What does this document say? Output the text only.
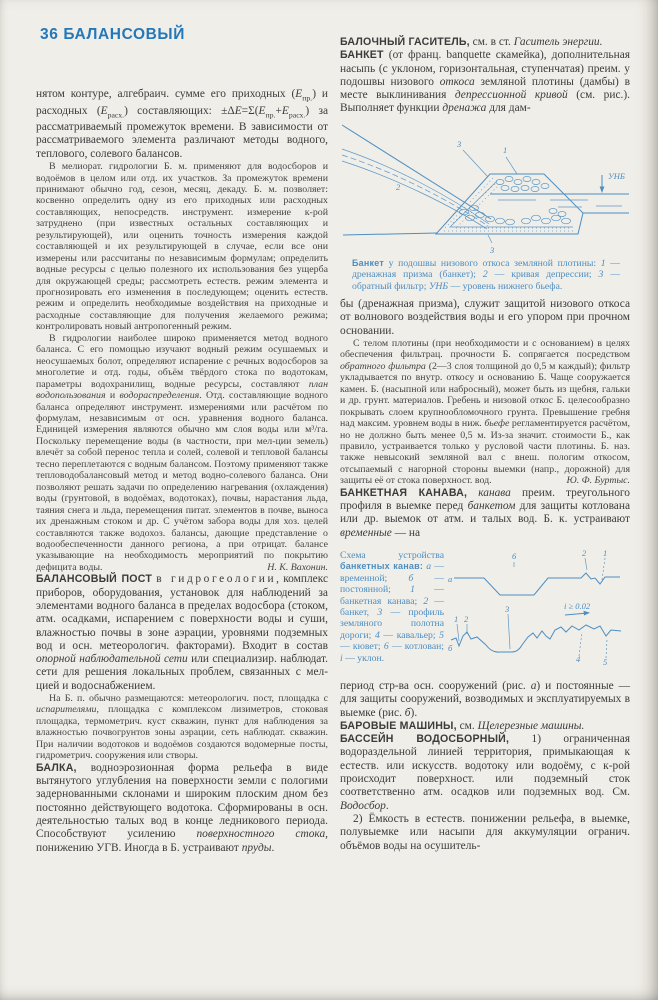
36 БАЛАНСОВЫЙ

нятом контуре, алгебраич. сумме его приходных $(Е_{пр.})$ и расходных $(Е_{расх.})$ составляющих: $\pm\Delta Е=\Sigma(Е_{пр.}+Е_{расх.})$ за рассматриваемый промежуток времени. В зависимости от рассматриваемого элемента различают методы водного, теплового, солевого балансов.

В мелиорат. гидрологии Б. м. применяют для водосборов и водоёмов в целом или отд. их участков. За промежуток времени принимают обычно год, сезон, месяц, декаду. Б. м. позволяет: косвенно определить одну из его приходных или расходных составляющих, непосредств. инструмент. измерение к-рой затруднено (при известных остальных составляющих и результирующей), или оценить точность измерения каждой составляющей и их результирующей в случае, если все они измерены или рассчитаны по независимым формулам; определить водные ресурсы с целью полезного их использования без ущерба для окружающей среды; рассмотреть естеств. режим элемента и прогнозировать его изменения в последующем; оценить естеств. режим и определить необходимые воздействия на приходные и расходные составляющие для получения желаемого режима; контролировать новый антропогенный режим.

В гидрологии наиболее широко применяется метод водного баланса. С его помощью изучают водный режим осушаемых и неосушаемых болот, определяют испарение с речных водосборов за многолетие и отд. годы, объём твёрдого стока по водотокам, параметры водохранилищ, водные ресурсы, составляют план водопользования и водораспределения. Отд. составляющие водного баланса определяют инструмент. измерениями или расчётом по формулам, независимым от осн. уравнения водного баланса. Единицей измерения являются обычно мм слоя воды или м³/га. Поскольку перемещение воды (в частности, при мел-ции земель) влечёт за собой перенос тепла и солей, солевой и тепловой балансы тесно переплетаются с водным балансом. Поэтому применяют также тепловодобалансовый метод и метод водно-солевого баланса. Они позволяют решать задачи по определению нагревания (охлаждения) воды (грунтовой, в водоёмах, водотоках), почвы, нарастания льда, таяния снега и льда, перемещения питат. элементов в почве, выноса их дренажным стоком и др. С учётом забора воды для хоз. целей составляются также водохоз. балансы, дающие представление о водообеспеченности данного региона, а при отрицат. балансе указывающие на необходимость мероприятий по покрытию дефицита воды.	Н. К. Вахонин.

БАЛАНСОВЫЙ ПОСТ в гидрогеологии, комплекс приборов, оборудования, установок для наблюдений за элементами водного баланса в пределах водосбора (стоком, атм. осадками, испарением с поверхности воды и суши, влажностью почвы в зоне аэрации, уровнями подземных вод и осн. метеорологич. факторами). Входит в состав опорной наблюдательной сети или специализир. наблюдат. сети для решения локальных проблем, связанных с мел-цией и водоснабжением.

На Б. п. обычно размещаются: метеорологич. пост, площадка с испарителями, площадка с комплексом лизиметров, стоковая площадка, термометрич. куст скважин, пункт для наблюдения за влажностью почвогрунтов зоны аэрации, сеть наблюдат. скважин. При наличии водотоков и водоёмов создаются водомерные посты, гидрометрич. сооружения или створы.

БАЛКА, водноэрозионная форма рельефа в виде вытянутого углубления на поверхности земли с пологими задернованными склонами и широким плоским дном без постоянно действующего водотока. Сформированы в осн. деятельностью талых вод в конце ледникового периода. Способствуют усилению поверхностного стока, понижению УГВ. Иногда в Б. устраивают пруды.

БАЛОЧНЫЙ ГАСИТЕЛЬ, см. в ст. Гаситель энергии.

БАНКЕТ (от франц. banquette скамейка), дополнительная насыпь (с уклоном, горизонтальная, ступенчатая) преим. у подошвы низового откоса земляной плотины (дамбы) в месте выклинивания депрессионной кривой (см. рис.). Выполняет функции дренажа для дам-

2
3
1
3
УНБ

Банкет у подошвы низового откоса земляной плотины: 1 — дренажная призма (банкет); 2 — кривая депрессии; 3 — обратный фильтр; УНБ — уровень нижнего бьефа.

бы (дренажная призма), служит защитой низового откоса от волнового воздействия воды и его упором при прочном основании.

С телом плотины (при необходимости и с основанием) в целях обеспечения фильтрац. прочности Б. сопрягается посредством обратного фильтра (2—3 слоя толщиной до 0,5 м каждый); фильтр укладывается по внутр. откосу и основанию Б. Чаще сооружается камен. Б. (насыпной или набросный), может быть из щебня, гальки и др. грунт. материалов. Гребень и низовой откос Б. целесообразно покрывать слоем крупнообломочного грунта. Превышение гребня над максим. уровнем воды в ниж. бьефе регламентируется расчётом, но не должно быть менее 0,5 м. Из-за значит. стоимости Б., как правило, устраивается только у русловой части плотины. Б. наз. также невысокий земляной вал с внеш. пологим откосом, отсыпаемый с нагорной стороны выемки (напр., дорожной) для защиты её от стока поверхност. вод.	Ю. Ф. Буртыс.

БАНКЕТНАЯ КАНАВА, канава преим. треугольного профиля в выемке перед банкетом для защиты котлована или др. выемок от атм. и талых вод. Б. к. устраивают временные — на

Схема устройства банкетных канав: а — временной; б — постоянной; 1 — банкетная канава; 2 — банкет, 3 — профиль земляного полотна дороги; 4 — кавальер; 5 — кювет; 6 — котлован; i — уклон.

а
6	2 1
б
1 2
3	i ≥ 0.02
4	5

период стр-ва осн. сооружений (рис. а) и постоянные — для защиты сооружений, возводимых и эксплуатируемых в выемке (рис. б).

БАРОВЫЕ МАШИНЫ, см. Щелерезные машины.

БАССЕЙН ВОДОСБОРНЫЙ, 1) ограниченная водораздельной линией территория, примыкающая к естеств. или искусств. водотоку или водоёму, с к-рой происходит поверхност. или подземный сток соответственно атм. осадков или подземных вод. См. Водосбор.

2) Ёмкость в естеств. понижении рельефа, в выемке, полувыемке или насыпи для аккумуляции огранич. объёмов воды на осушитель-
